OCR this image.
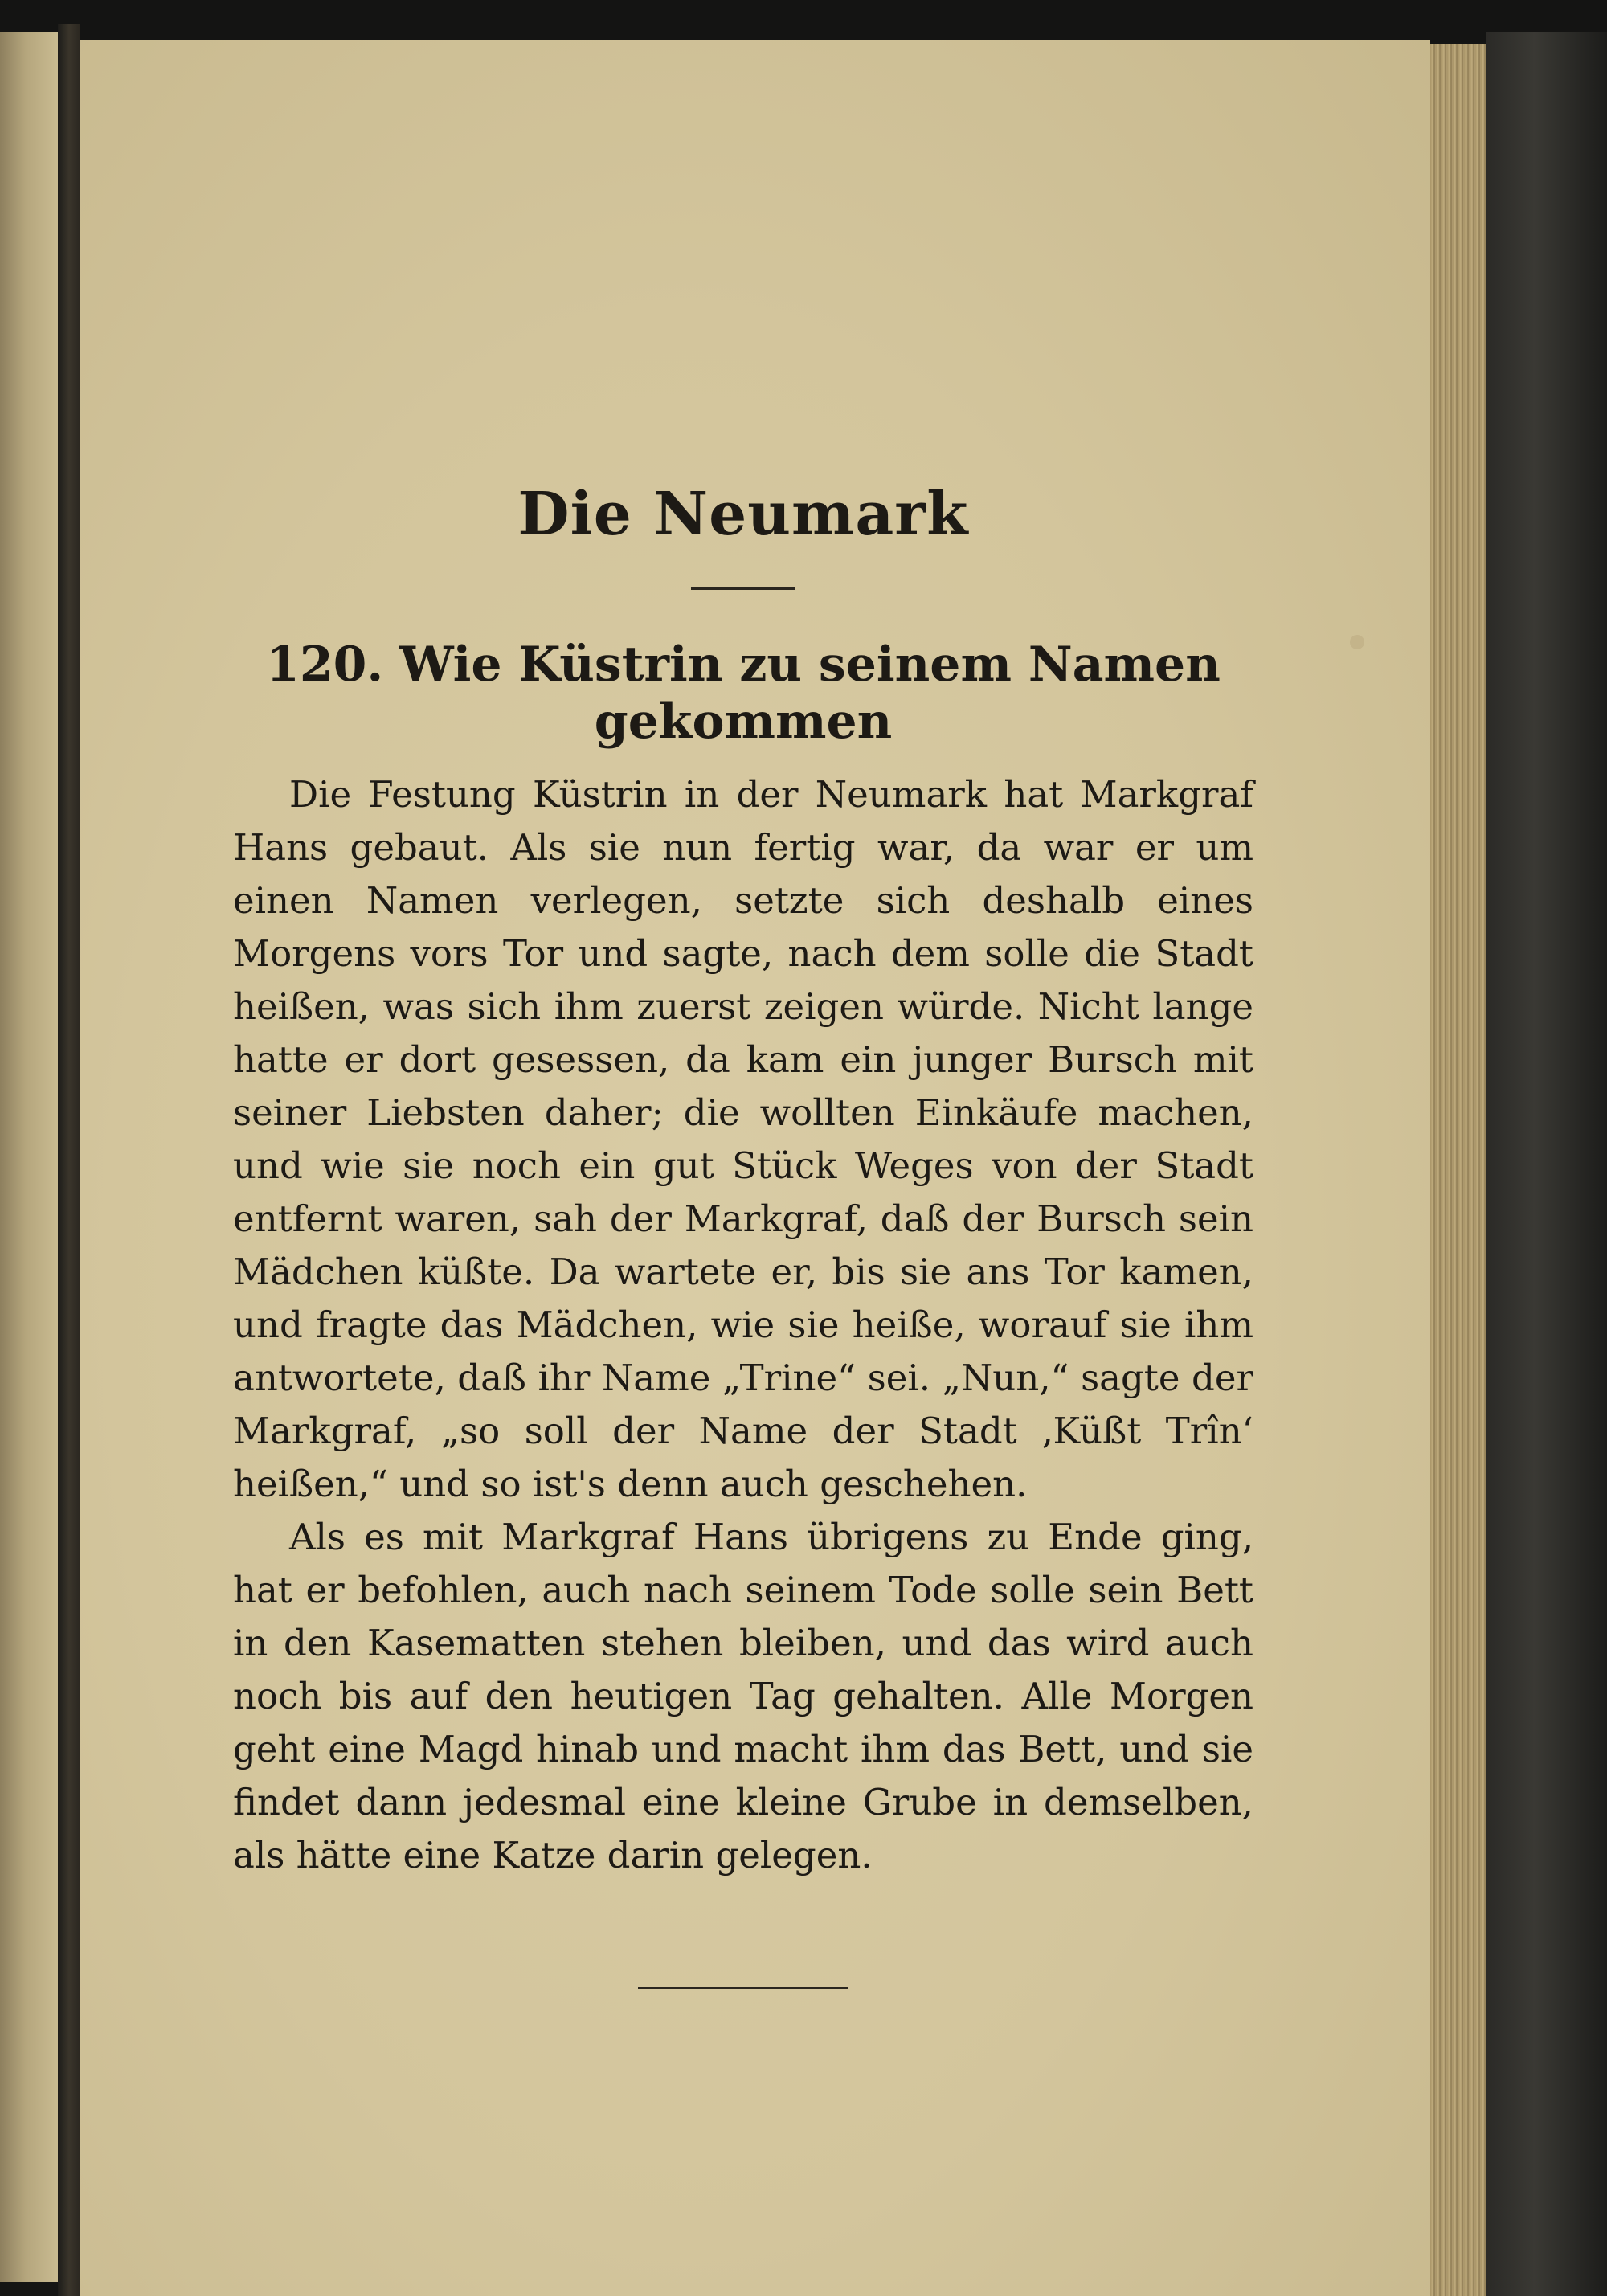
Die Neumark
120. Wie Küstrin zu seinem Namen gekommen

Die Festung Küstrin in der Neumark hat Markgraf Hans gebaut. Als sie nun fertig war, da war er um einen Namen verlegen, setzte sich deshalb eines Morgens vors Tor und sagte, nach dem solle die Stadt heißen, was sich ihm zuerst zeigen würde. Nicht lange hatte er dort gesessen, da kam ein junger Bursch mit seiner Liebsten daher; die wollten Einkäufe machen, und wie sie noch ein gut Stück Weges von der Stadt entfernt waren, sah der Markgraf, daß der Bursch sein Mädchen küßte. Da wartete er, bis sie ans Tor kamen, und fragte das Mädchen, wie sie heiße, worauf sie ihm antwortete, daß ihr Name „Trine“ sei. „Nun,“ sagte der Markgraf, „so soll der Name der Stadt ‚Küßt Trîn‘ heißen,“ und so ist's denn auch geschehen.

Als es mit Markgraf Hans übrigens zu Ende ging, hat er befohlen, auch nach seinem Tode solle sein Bett in den Kasematten stehen bleiben, und das wird auch noch bis auf den heutigen Tag gehalten. Alle Morgen geht eine Magd hinab und macht ihm das Bett, und sie findet dann jedesmal eine kleine Grube in demselben, als hätte eine Katze darin gelegen.
